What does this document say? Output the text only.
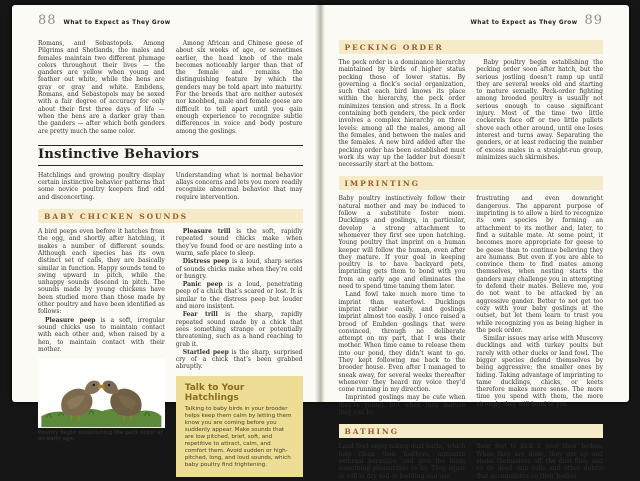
88 What to Expect as They Grow

Romans, and Sebastopols. Among Pilgrims and Shetlands, the males and females maintain two different plumage colors throughout their lives — the ganders are yellow when young and feather out white, while the hens are gray or gray and white. Embdens, Romans, and Sebastopols may be sexed with a fair degree of accuracy for only about their first three days of life — when the hens are a darker gray than the ganders — after which both genders are pretty much the same color.

Among African and Chinese geese of about six weeks of age, or sometimes earlier, the head knob of the male becomes noticeably larger than that of the female and remains the distinguishing feature by which the genders may be told apart into maturity. For the breeds that are neither autosex nor knobbed, male and female geese are difficult to tell apart until you gain enough experience to recognize subtle differences in voice and body posture among the goslings.

Instinctive Behaviors

Hatchlings and growing poultry display certain instinctive behavior patterns that some novice poultry keepers find odd and disconcerting.

Understanding what is normal behavior allays concerns and lets you more readily recognize abnormal behavior that may require intervention.

BABY CHICKEN SOUNDS

A bird peeps even before it hatches from the egg, and shortly after hatching, it makes a number of different sounds. Although each species has its own distinct set of calls, they are basically similar in function. Happy sounds tend to swing upward in pitch, while the unhappy sounds descend in pitch. The sounds made by young chickens have been studied more than those made by other poultry and have been identified as follows:

Pleasure peep is a soft, irregular sound chicks use to maintain contact with each other and, when raised by a hen, to maintain contact with their mother.

Poultry begin establishing the peck order at an early age.

Pleasure trill is the soft, rapidly repeated sound chicks make when they’ve found food or are nestling into a warm, safe place to sleep.

Distress peep is a loud, sharp series of sounds chicks make when they’re cold or hungry.

Panic peep is a loud, penetrating peep of a chick that’s scared or lost. It is similar to the distress peep but louder and more insistent.

Fear trill is the sharp, rapidly repeated sound made by a chick that sees something strange or potentially threatening, such as a hand reaching to grab it.

Startled peep is the sharp, surprised cry of a chick that’s been grabbed abruptly.

Talk to Your Hatchlings

Talking to baby birds in your brooder helps keep them calm by letting them know you are coming before you suddenly appear. Make sounds that are low pitched, brief, soft, and repetitive to attract, calm, and comfort them. Avoid sudden or high-pitched, long, and loud sounds, which baby poultry find frightening.

What to Expect as They Grow 89
PECKING ORDER

The peck order is a dominance hierarchy maintained by birds of higher status pecking those of lower status. By governing a flock’s social organization, such that each bird knows its place within the hierarchy, the peck order minimizes tension and stress. In a flock containing both genders, the peck order involves a complex hierarchy on three levels: among all the males, among all the females, and between the males and the females. A new bird added after the pecking order has been established must work its way up the ladder but doesn’t necessarily start at the bottom.

Baby poultry begin establishing the pecking order soon after hatch, but the serious jostling doesn’t ramp up until they are several weeks old and starting to mature sexually. Peck-order fighting among brooded poultry is usually not serious enough to cause significant injury. Most of the time two little cockerels face off or two little pullets shove each other around, until one loses interest and turns away. Separating the genders, or at least reducing the number of excess males in a straight-run group, minimizes such skirmishes.

IMPRINTING

Baby poultry instinctively follow their natural mother and may be induced to follow a substitute foster mom. Ducklings and goslings, in particular, develop a strong attachment to whomever they first see upon hatching. Young poultry that imprint on a human keeper will follow the human, even after they mature. If your goal in keeping poultry is to have backyard pets, imprinting gets them to bond with you from an early age and eliminates the need to spend time taming them later.

Land fowl take much more time to imprint than waterfowl. Ducklings imprint rather easily, and goslings imprint almost too easily. I once raised a brood of Embden goslings that were convinced, through no deliberate attempt on my part, that I was their mother. When time came to release them into our pond, they didn’t want to go. They kept following me back to the brooder house. Even after I managed to sneak away, for several weeks thereafter whenever they heard my voice they’d come running in my direction.

Imprinted goslings may be cute when they’re young, but when they mature they can be

frustrating and even downright dangerous. The apparent purpose of imprinting is to allow a bird to recognize its own species by forming an attachment to its mother and, later, to find a suitable mate. At some point, it becomes more appropriate for geese to be geese than to continue believing they are humans. But even if you are able to convince them to find mates among themselves, when nesting starts the ganders may challenge you in attempting to defend their mates. Believe me, you do not want to be attacked by an aggressive gander. Better to not get too cozy with your baby goslings at the outset, but let them learn to trust you while recognizing you as being higher in the peck order.

Similar issues may arise with Muscovy ducklings and with turkey poults but rarely with other ducks or land fowl. The bigger species defend themselves by being aggressive; the smaller ones by hiding. Taking advantage of imprinting to tame ducklings, chicks, or keets therefore makes more sense. The more time you spend with them, the more strongly they will bond to you.

BATHING

Land fowl enjoy taking dust baths, which help clean their feathers, minimize external parasites, and give the birds something pleasurable to do. They squat or roll in dry soil or bedding and use

their feet to kick it over their bodies. When they are done, they get up and shake themselves off, the dust flies, and so do dead skin cells and other debris that accumulates on their bodies.
